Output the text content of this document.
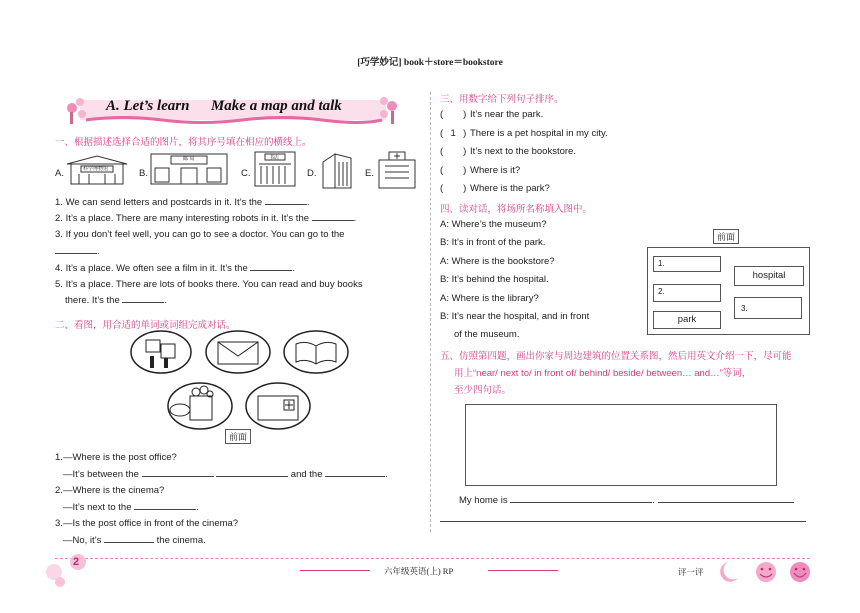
[巧学妙记] book＋store＝bookstore
A. Let’s learn Make a map and talk
一、根据描述选择合适的图片，将其序号填在相应的横线上。
A.	科学博物馆	B.
邮 局
C.
书店
D.	E.
1. We can send letters and postcards in it. It’s the	.
2. It’s a place. There are many interesting robots in it. It’s the	.
3. If you don’t feel well, you can go to see a doctor. You can go to the
.
4. It’s a place. We often see a film in it. It’s the	.
5. It’s a place. There are lots of books there. You can read and buy books
there. It’s the	.
二、看图，用合适的单词或词组完成对话。
前面
1.—Where is the post office?
—It’s between the	and the	.
2.—Where is the cinema?
—It’s next to the	.
3.—Is the post office in front of the cinema?
—No, it’s	the cinema.
三、用数字给下列句子排序。
( ) It’s near the park.
( 1 ) There is a pet hospital in my city.
( ) It’s next to the bookstore.
( ) Where is it?
( ) Where is the park?
四、读对话，将场所名称填入图中。
A: Where’s the museum?
B: It’s in front of the park.
A: Where is the bookstore?
B: It’s behind the hospital.
A: Where is the library?
B: It’s near the hospital, and in front
of the museum.
前面
1.
hospital
2.
3.
park
五、仿照第四题，画出你家与周边建筑的位置关系图，然后用英文介绍一下，尽可能
用上“near/ next to/ in front of/ behind/ beside/ between… and…”等词，
至少四句话。
My home is	.
2
六年级英语(上) RP	评一评
